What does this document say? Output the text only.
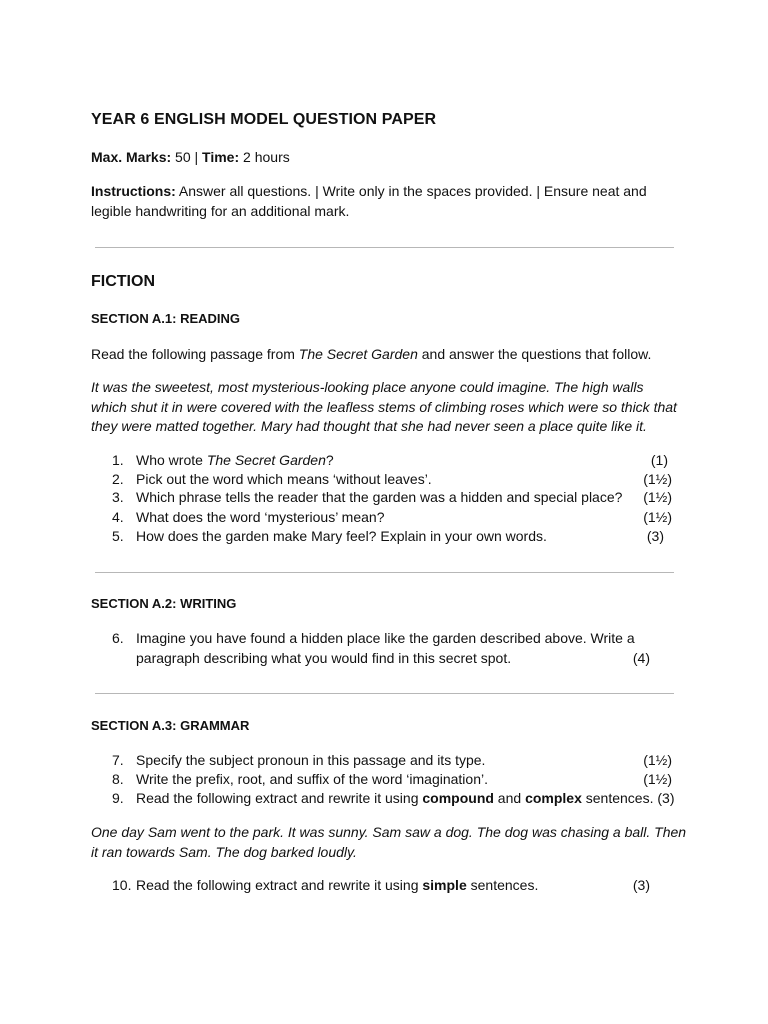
YEAR 6 ENGLISH MODEL QUESTION PAPER
Max. Marks: 50 | Time: 2 hours
Instructions: Answer all questions. | Write only in the spaces provided. | Ensure neat and legible handwriting for an additional mark.
FICTION
SECTION A.1: READING
Read the following passage from The Secret Garden and answer the questions that follow.
It was the sweetest, most mysterious-looking place anyone could imagine. The high walls which shut it in were covered with the leafless stems of climbing roses which were so thick that they were matted together. Mary had thought that she had never seen a place quite like it.
1. Who wrote The Secret Garden?	(1)
2. Pick out the word which means ‘without leaves’.	(1½)
3. Which phrase tells the reader that the garden was a hidden and special place? (1½)
4. What does the word ‘mysterious’ mean?	(1½)
5. How does the garden make Mary feel? Explain in your own words.	(3)
SECTION A.2: WRITING
6. Imagine you have found a hidden place like the garden described above. Write a
paragraph describing what you would find in this secret spot.	(4)
SECTION A.3: GRAMMAR
7. Specify the subject pronoun in this passage and its type.	(1½)
8. Write the prefix, root, and suffix of the word ‘imagination’.	(1½)
9. Read the following extract and rewrite it using compound and complex sentences. (3)
One day Sam went to the park. It was sunny. Sam saw a dog. The dog was chasing a ball. Then it ran towards Sam. The dog barked loudly.
10. Read the following extract and rewrite it using simple sentences.	(3)
